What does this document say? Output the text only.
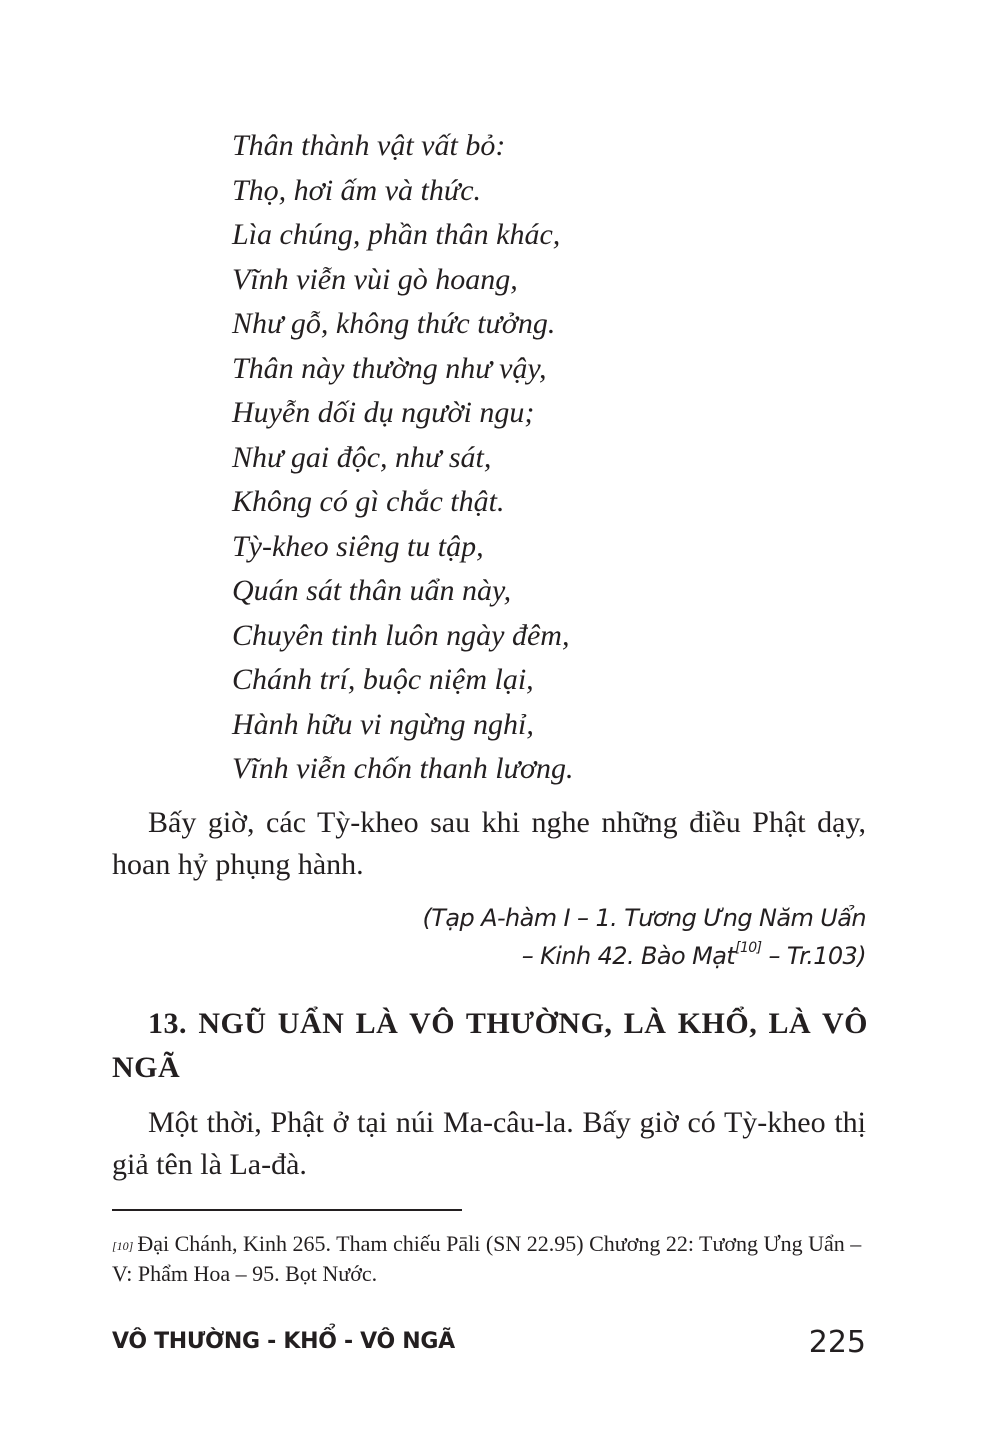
Thân thành vật vất bỏ:
Thọ, hơi ấm và thức.
Lìa chúng, phần thân khác,
Vĩnh viễn vùi gò hoang,
Như gỗ, không thức tưởng.
Thân này thường như vậy,
Huyễn dối dụ người ngu;
Như gai độc, như sát,
Không có gì chắc thật.
Tỳ-kheo siêng tu tập,
Quán sát thân uẩn này,
Chuyên tinh luôn ngày đêm,
Chánh trí, buộc niệm lại,
Hành hữu vi ngừng nghỉ,
Vĩnh viễn chốn thanh lương.

Bấy giờ, các Tỳ-kheo sau khi nghe những điều Phật dạy, hoan hỷ phụng hành.

(Tạp A-hàm I – 1. Tương Ưng Năm Uẩn
– Kinh 42. Bào Mạt[10] – Tr.103)
13. NGŨ UẨN LÀ VÔ THƯỜNG, LÀ KHỔ, LÀ VÔ NGÃ

Một thời, Phật ở tại núi Ma-câu-la. Bấy giờ có Tỳ-kheo thị giả tên là La-đà.

[10] Đại Chánh, Kinh 265. Tham chiếu Pāli (SN 22.95) Chương 22: Tương Ưng Uẩn – V: Phẩm Hoa – 95. Bọt Nước.

VÔ THƯỜNG - KHỔ - VÔ NGÃ	225
